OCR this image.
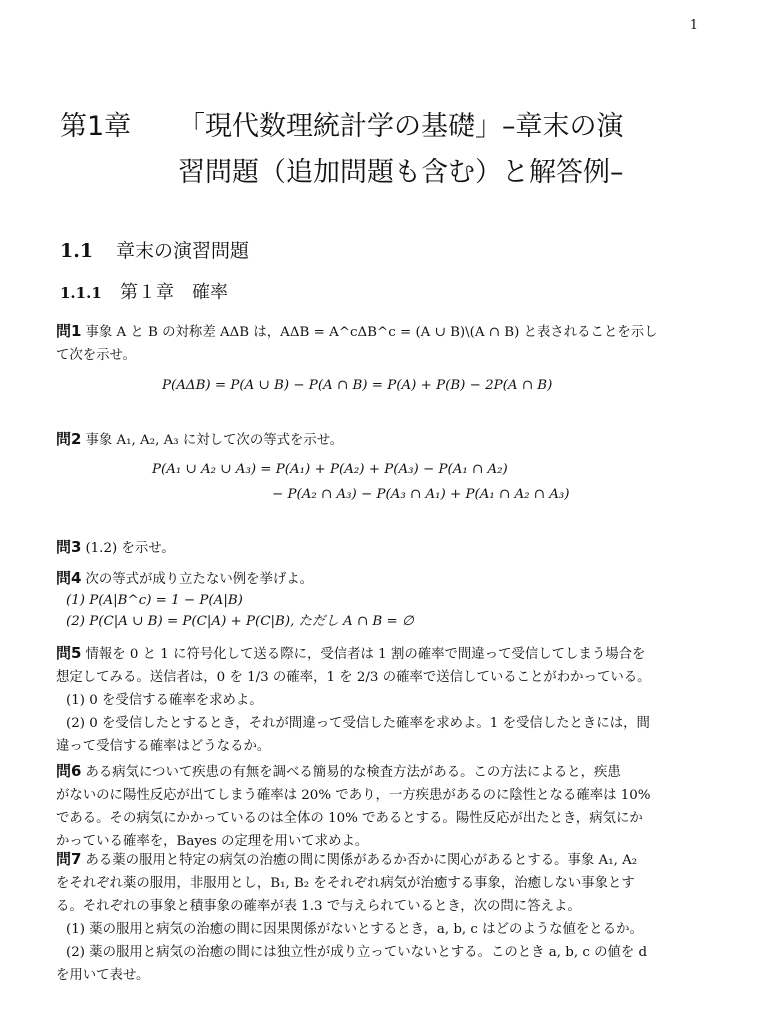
1
第1章 「現代数理統計学の基礎」–章末の演
習問題（追加問題も含む）と解答例–
1.1 章末の演習問題
1.1.1 第１章　確率
問1 事象 A と B の対称差 AΔB は，AΔB = A^cΔB^c = (A ∪ B)\(A ∩ B) と表されることを示し
て次を示せ。
P(AΔB) = P(A ∪ B) − P(A ∩ B) = P(A) + P(B) − 2P(A ∩ B)
問2 事象 A₁, A₂, A₃ に対して次の等式を示せ。
P(A₁ ∪ A₂ ∪ A₃) = P(A₁) + P(A₂) + P(A₃) − P(A₁ ∩ A₂)
− P(A₂ ∩ A₃) − P(A₃ ∩ A₁) + P(A₁ ∩ A₂ ∩ A₃)
問3 (1.2) を示せ。
問4 次の等式が成り立たない例を挙げよ。
(1) P(A|B^c) = 1 − P(A|B)
(2) P(C|A ∪ B) = P(C|A) + P(C|B), ただし A ∩ B = ∅
問5 情報を 0 と 1 に符号化して送る際に，受信者は 1 割の確率で間違って受信してしまう場合を
想定してみる。送信者は，0 を 1/3 の確率，1 を 2/3 の確率で送信していることがわかっている。
(1) 0 を受信する確率を求めよ。
(2) 0 を受信したとするとき，それが間違って受信した確率を求めよ。1 を受信したときには，間
違って受信する確率はどうなるか。
問6 ある病気について疾患の有無を調べる簡易的な検査方法がある。この方法によると，疾患
がないのに陽性反応が出てしまう確率は 20% であり，一方疾患があるのに陰性となる確率は 10%
である。その病気にかかっているのは全体の 10% であるとする。陽性反応が出たとき，病気にか
かっている確率を，Bayes の定理を用いて求めよ。
問7 ある薬の服用と特定の病気の治癒の間に関係があるか否かに関心があるとする。事象 A₁, A₂
をそれぞれ薬の服用，非服用とし，B₁, B₂ をそれぞれ病気が治癒する事象，治癒しない事象とす
る。それぞれの事象と積事象の確率が表 1.3 で与えられているとき，次の問に答えよ。
(1) 薬の服用と病気の治癒の間に因果関係がないとするとき，a, b, c はどのような値をとるか。
(2) 薬の服用と病気の治癒の間には独立性が成り立っていないとする。このとき a, b, c の値を d
を用いて表せ。
